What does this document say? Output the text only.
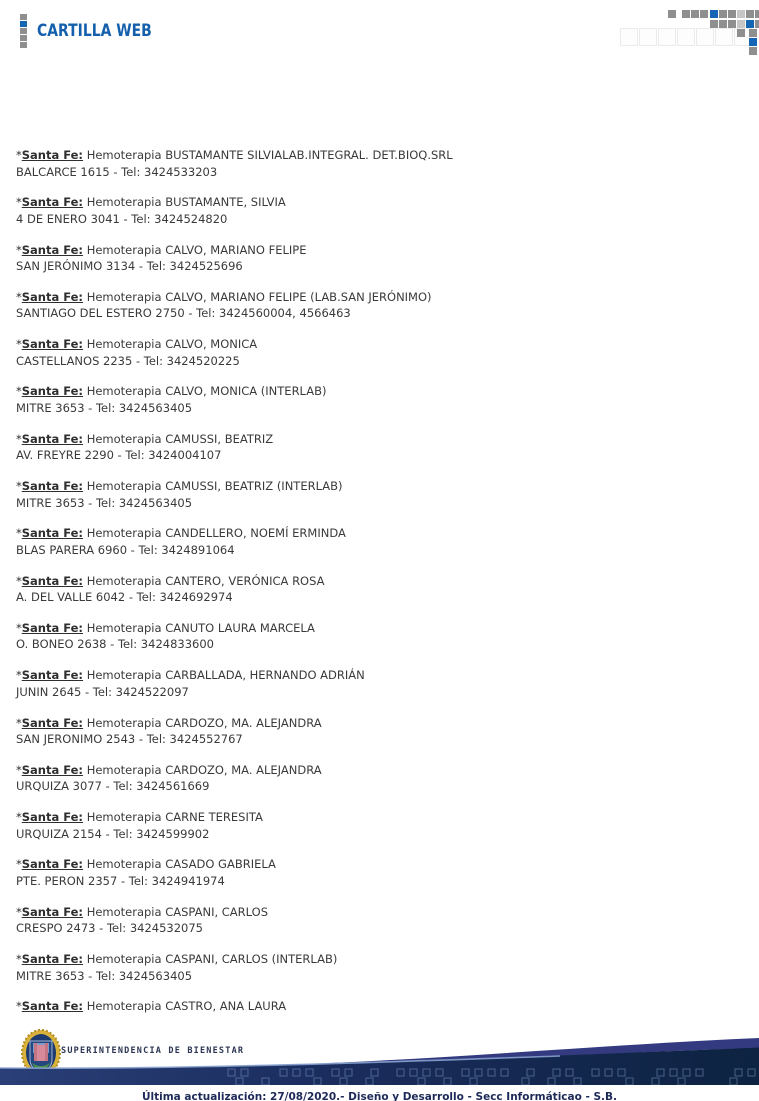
CARTILLA WEB
*Santa Fe: Hemoterapia BUSTAMANTE SILVIALAB.INTEGRAL. DET.BIOQ.SRL
BALCARCE 1615 - Tel: 3424533203
*Santa Fe: Hemoterapia BUSTAMANTE, SILVIA
4 DE ENERO 3041 - Tel: 3424524820
*Santa Fe: Hemoterapia CALVO, MARIANO FELIPE
SAN JERÓNIMO 3134 - Tel: 3424525696
*Santa Fe: Hemoterapia CALVO, MARIANO FELIPE (LAB.SAN JERÓNIMO)
SANTIAGO DEL ESTERO 2750 - Tel: 3424560004, 4566463
*Santa Fe: Hemoterapia CALVO, MONICA
CASTELLANOS 2235 - Tel: 3424520225
*Santa Fe: Hemoterapia CALVO, MONICA (INTERLAB)
MITRE 3653 - Tel: 3424563405
*Santa Fe: Hemoterapia CAMUSSI, BEATRIZ
AV. FREYRE 2290 - Tel: 3424004107
*Santa Fe: Hemoterapia CAMUSSI, BEATRIZ (INTERLAB)
MITRE 3653 - Tel: 3424563405
*Santa Fe: Hemoterapia CANDELLERO, NOEMÍ ERMINDA
BLAS PARERA 6960 - Tel: 3424891064
*Santa Fe: Hemoterapia CANTERO, VERÓNICA ROSA
A. DEL VALLE 6042 - Tel: 3424692974
*Santa Fe: Hemoterapia CANUTO LAURA MARCELA
O. BONEO 2638 - Tel: 3424833600
*Santa Fe: Hemoterapia CARBALLADA, HERNANDO ADRIÁN
JUNIN 2645 - Tel: 3424522097
*Santa Fe: Hemoterapia CARDOZO, MA. ALEJANDRA
SAN JERONIMO 2543 - Tel: 3424552767
*Santa Fe: Hemoterapia CARDOZO, MA. ALEJANDRA
URQUIZA 3077 - Tel: 3424561669
*Santa Fe: Hemoterapia CARNE TERESITA
URQUIZA 2154 - Tel: 3424599902
*Santa Fe: Hemoterapia CASADO GABRIELA
PTE. PERON 2357 - Tel: 3424941974
*Santa Fe: Hemoterapia CASPANI, CARLOS
CRESPO 2473 - Tel: 3424532075
*Santa Fe: Hemoterapia CASPANI, CARLOS (INTERLAB)
MITRE 3653 - Tel: 3424563405
*Santa Fe: Hemoterapia CASTRO, ANA LAURA
SUPERINTENDENCIA DE BIENESTAR
Última actualización: 27/08/2020.- Diseño y Desarrollo - Secc Informáticao - S.B.
